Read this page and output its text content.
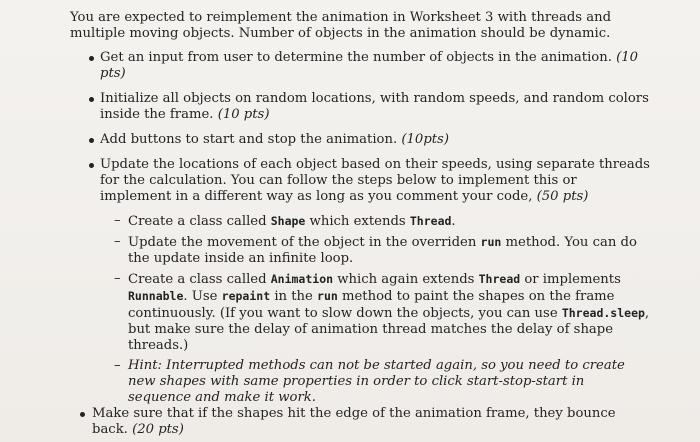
You are expected to reimplement the animation in Worksheet 3 with threads and multiple moving objects. Number of objects in the animation should be dynamic.

Get an input from user to determine the number of objects in the animation. (10 pts)
Initialize all objects on random locations, with random speeds, and random colors inside the frame. (10 pts)
Add buttons to start and stop the animation. (10pts)
Update the locations of each object based on their speeds, using separate threads for the calculation. You can follow the steps below to implement this or implement in a different way as long as you comment your code, (50 pts)
– Create a class called Shape which extends Thread.
– Update the movement of the object in the overriden run method. You can do the update inside an infinite loop.
– Create a class called Animation which again extends Thread or implements Runnable. Use repaint in the run method to paint the shapes on the frame continuously. (If you want to slow down the objects, you can use Thread.sleep, but make sure the delay of animation thread matches the delay of shape threads.)
– Hint: Interrupted methods can not be started again, so you need to create new shapes with same properties in order to click start-stop-start in sequence and make it work.
Make sure that if the shapes hit the edge of the animation frame, they bounce back. (20 pts)
